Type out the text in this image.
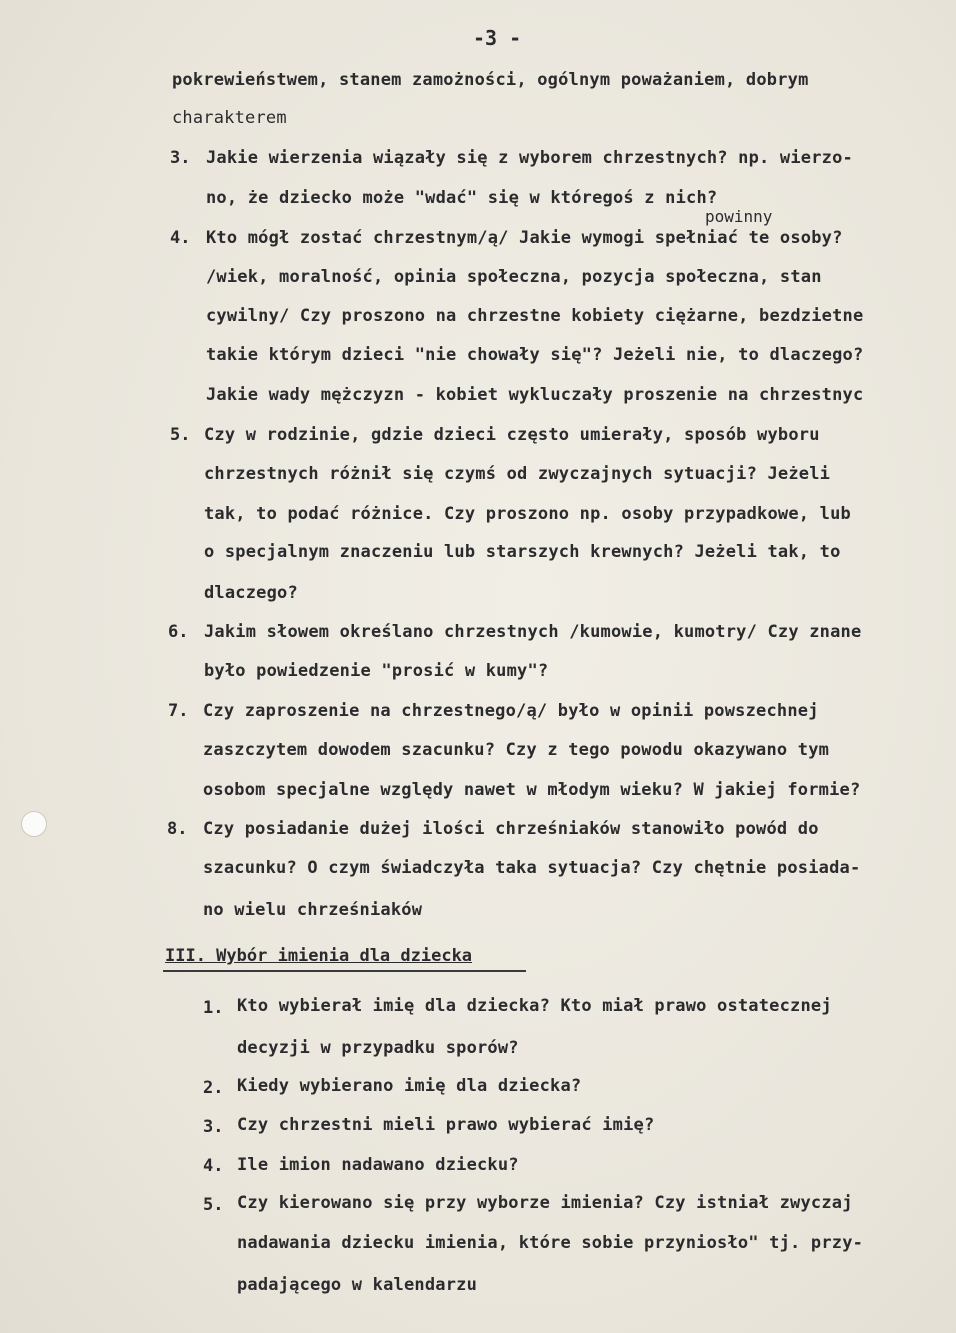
-3 -
pokrewieństwem, stanem zamożności, ogólnym poważaniem, dobrym
charakterem
3. Jakie wierzenia wiązały się z wyborem chrzestnych? np. wierzo-
no, że dziecko może "wdać" się w któregoś z nich?
powinny
4. Kto mógł zostać chrzestnym/ą/ Jakie wymogi spełniać te osoby?
/wiek, moralność, opinia społeczna, pozycja społeczna, stan
cywilny/ Czy proszono na chrzestne kobiety ciężarne, bezdzietne
takie którym dzieci "nie chowały się"? Jeżeli nie, to dlaczego?
Jakie wady mężczyzn - kobiet wykluczały proszenie na chrzestnyc
5. Czy w rodzinie, gdzie dzieci często umierały, sposób wyboru
chrzestnych różnił się czymś od zwyczajnych sytuacji? Jeżeli
tak, to podać różnice. Czy proszono np. osoby przypadkowe, lub
o specjalnym znaczeniu lub starszych krewnych? Jeżeli tak, to
dlaczego?
6. Jakim słowem określano chrzestnych /kumowie, kumotry/ Czy znane
było powiedzenie "prosić w kumy"?
7. Czy zaproszenie na chrzestnego/ą/ było w opinii powszechnej
zaszczytem dowodem szacunku? Czy z tego powodu okazywano tym
osobom specjalne względy nawet w młodym wieku? W jakiej formie?
8. Czy posiadanie dużej ilości chrześniaków stanowiło powód do
szacunku? O czym świadczyła taka sytuacja? Czy chętnie posiada-
no wielu chrześniaków
III. Wybór imienia dla dziecka
1. Kto wybierał imię dla dziecka? Kto miał prawo ostatecznej
decyzji w przypadku sporów?
2. Kiedy wybierano imię dla dziecka?
3. Czy chrzestni mieli prawo wybierać imię?
4. Ile imion nadawano dziecku?
5. Czy kierowano się przy wyborze imienia? Czy istniał zwyczaj
nadawania dziecku imienia, które sobie przyniosło" tj. przy-
padającego w kalendarzu
